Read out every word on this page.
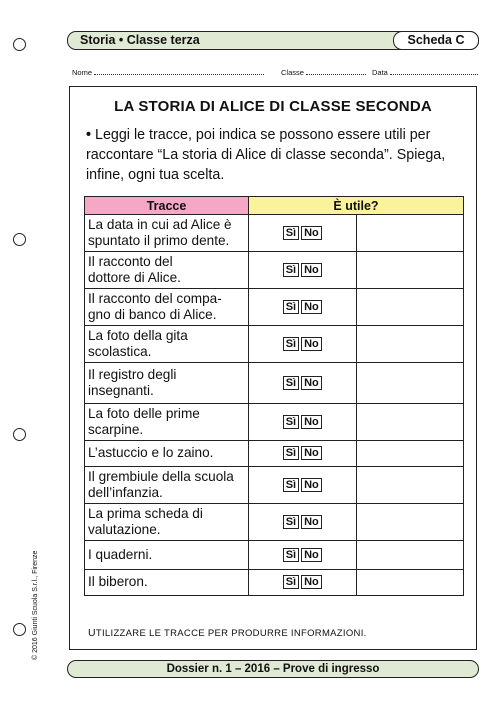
Storia • Classe terza	Scheda C
Nome	Classe	Data
LA STORIA DI ALICE DI CLASSE SECONDA
• Leggi le tracce, poi indica se possono essere utili per raccontare “La storia di Alice di classe seconda”. Spiega, infine, ogni tua scelta.
Tracce	È utile?	
La data in cui ad Alice è
spuntato il primo dente.	Sì No	
Il racconto del
dottore di Alice.	Sì No	
Il racconto del compa-
gno di banco di Alice.	Sì No	
La foto della gita
scolastica.	Sì No	
Il registro degli
insegnanti.	Sì No	
La foto delle prime
scarpine.	Sì No	
L’astuccio e lo zaino.	Sì No	
Il grembiule della scuola
dell’infanzia.	Sì No	
La prima scheda di
valutazione.	Sì No	
I quaderni.	Sì No	
Il biberon.	Sì No	
UTILIZZARE LE TRACCE PER PRODURRE INFORMAZIONI.
© 2016 Giunti Scuola S.r.l., Firenze
Dossier n. 1 – 2016 – Prove di ingresso
